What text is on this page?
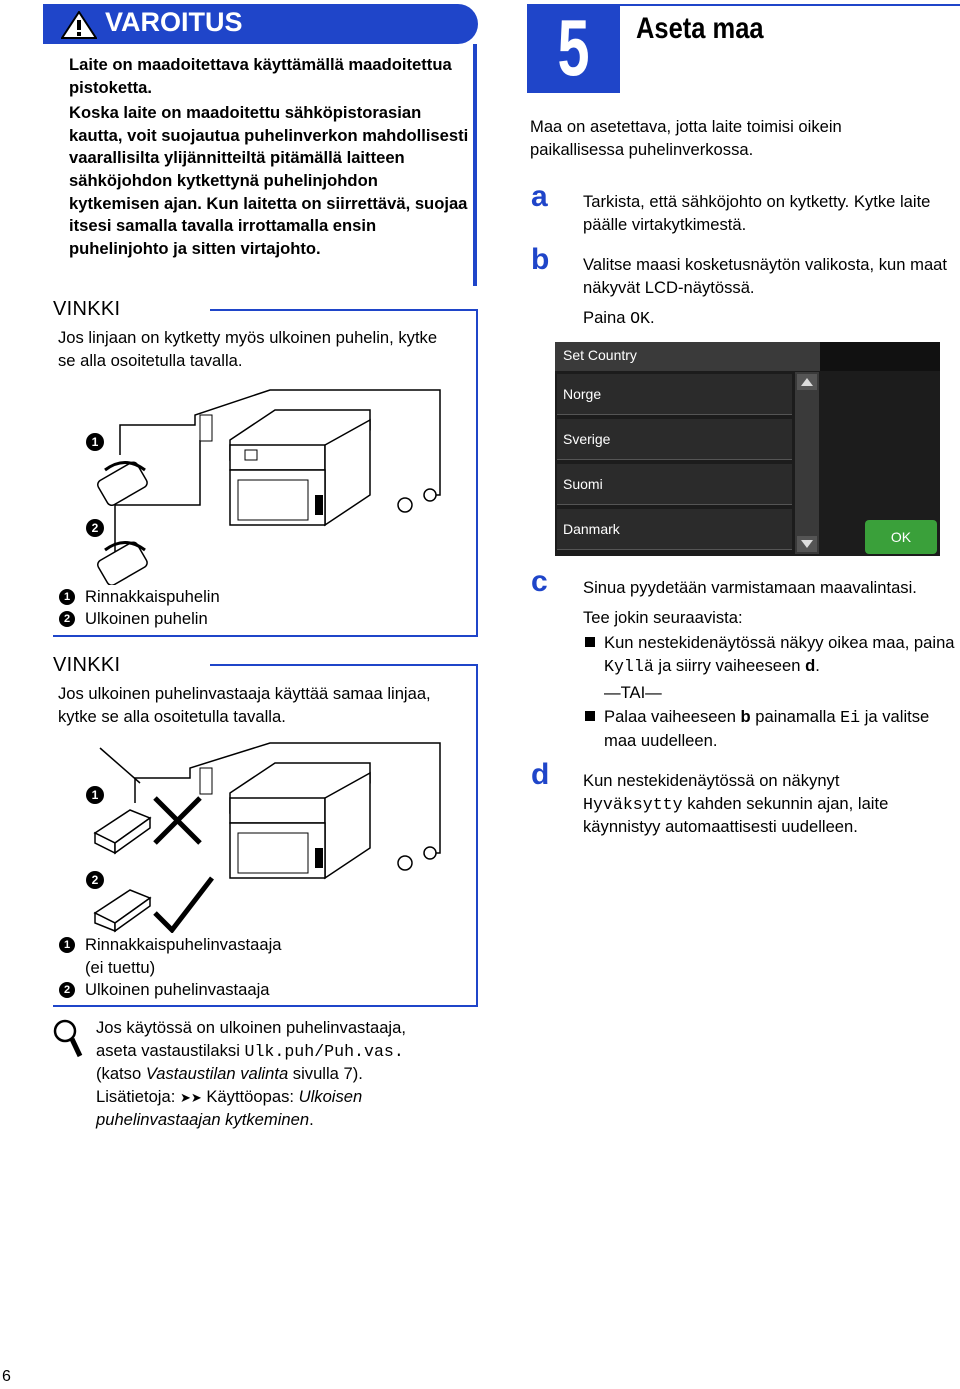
VAROITUS

Laite on maadoitettava käyttämällä maadoitettua pistoketta.

Koska laite on maadoitettu sähköpistorasian kautta, voit suojautua puhelinverkon mahdollisesti vaarallisilta ylijännitteiltä pitämällä laitteen sähköjohdon kytkettynä puhelinjohdon kytkemisen ajan. Kun laitetta on siirrettävä, suojaa itsesi samalla tavalla irrottamalla ensin puhelinjohto ja sitten virtajohto.

VINKKI
Jos linjaan on kytketty myös ulkoinen puhelin, kytke se alla osoitetulla tavalla.
1
2
1 Rinnakkaispuhelin
2 Ulkoinen puhelin
VINKKI
Jos ulkoinen puhelinvastaaja käyttää samaa linjaa, kytke se alla osoitetulla tavalla.
1
2
1 Rinnakkaispuhelinvastaaja
(ei tuettu)
2 Ulkoinen puhelinvastaaja
Jos käytössä on ulkoinen puhelinvastaaja,
aseta vastaustilaksi Ulk.puh/Puh.vas.
(katso Vastaustilan valinta sivulla 7).
Lisätietoja: ➤➤ Käyttöopas: Ulkoisen
puhelinvastaajan kytkeminen.
5	Aseta maa
Maa on asetettava, jotta laite toimisi oikein paikallisessa puhelinverkossa.
a Tarkista, että sähköjohto on kytketty. Kytke laite päälle virtakytkimestä.
b Valitse maasi kosketusnäytön valikosta, kun maat näkyvät LCD-näytössä.
Paina OK.
Set Country
Norge
Sverige
Suomi
Danmark	OK
c Sinua pyydetään varmistamaan maavalintasi.
Tee jokin seuraavista:
Kun nestekidenäytössä näkyy oikea maa, paina Kyllä ja siirry vaiheeseen d.
—TAI—
Palaa vaiheeseen b painamalla Ei ja valitse maa uudelleen.
d Kun nestekidenäytössä on näkynyt
Hyväksytty kahden sekunnin ajan, laite käynnistyy automaattisesti uudelleen.
6
